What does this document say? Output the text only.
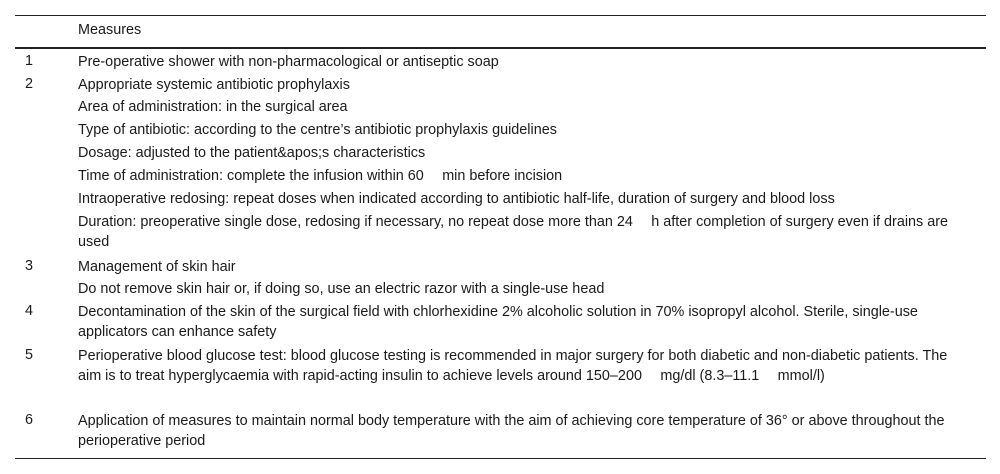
Measures
1	Pre-operative shower with non-pharmacological or antiseptic soap
2	Appropriate systemic antibiotic prophylaxis
Area of administration: in the surgical area
Type of antibiotic: according to the centre’s antibiotic prophylaxis guidelines
Dosage: adjusted to the patient&apos;s characteristics
Time of administration: complete the infusion within 60  min before incision
Intraoperative redosing: repeat doses when indicated according to antibiotic half-life, duration of surgery and blood loss
Duration: preoperative single dose, redosing if necessary, no repeat dose more than 24  h after completion of surgery even if drains are used
3	Management of skin hair
Do not remove skin hair or, if doing so, use an electric razor with a single-use head
4	Decontamination of the skin of the surgical field with chlorhexidine 2% alcoholic solution in 70% isopropyl alcohol. Sterile, single-use applicators can enhance safety
5	Perioperative blood glucose test: blood glucose testing is recommended in major surgery for both diabetic and non-diabetic patients. The aim is to treat hyperglycaemia with rapid-acting insulin to achieve levels around 150–200  mg/dl (8.3–11.1  mmol/l)
6	Application of measures to maintain normal body temperature with the aim of achieving core temperature of 36° or above throughout the perioperative period
